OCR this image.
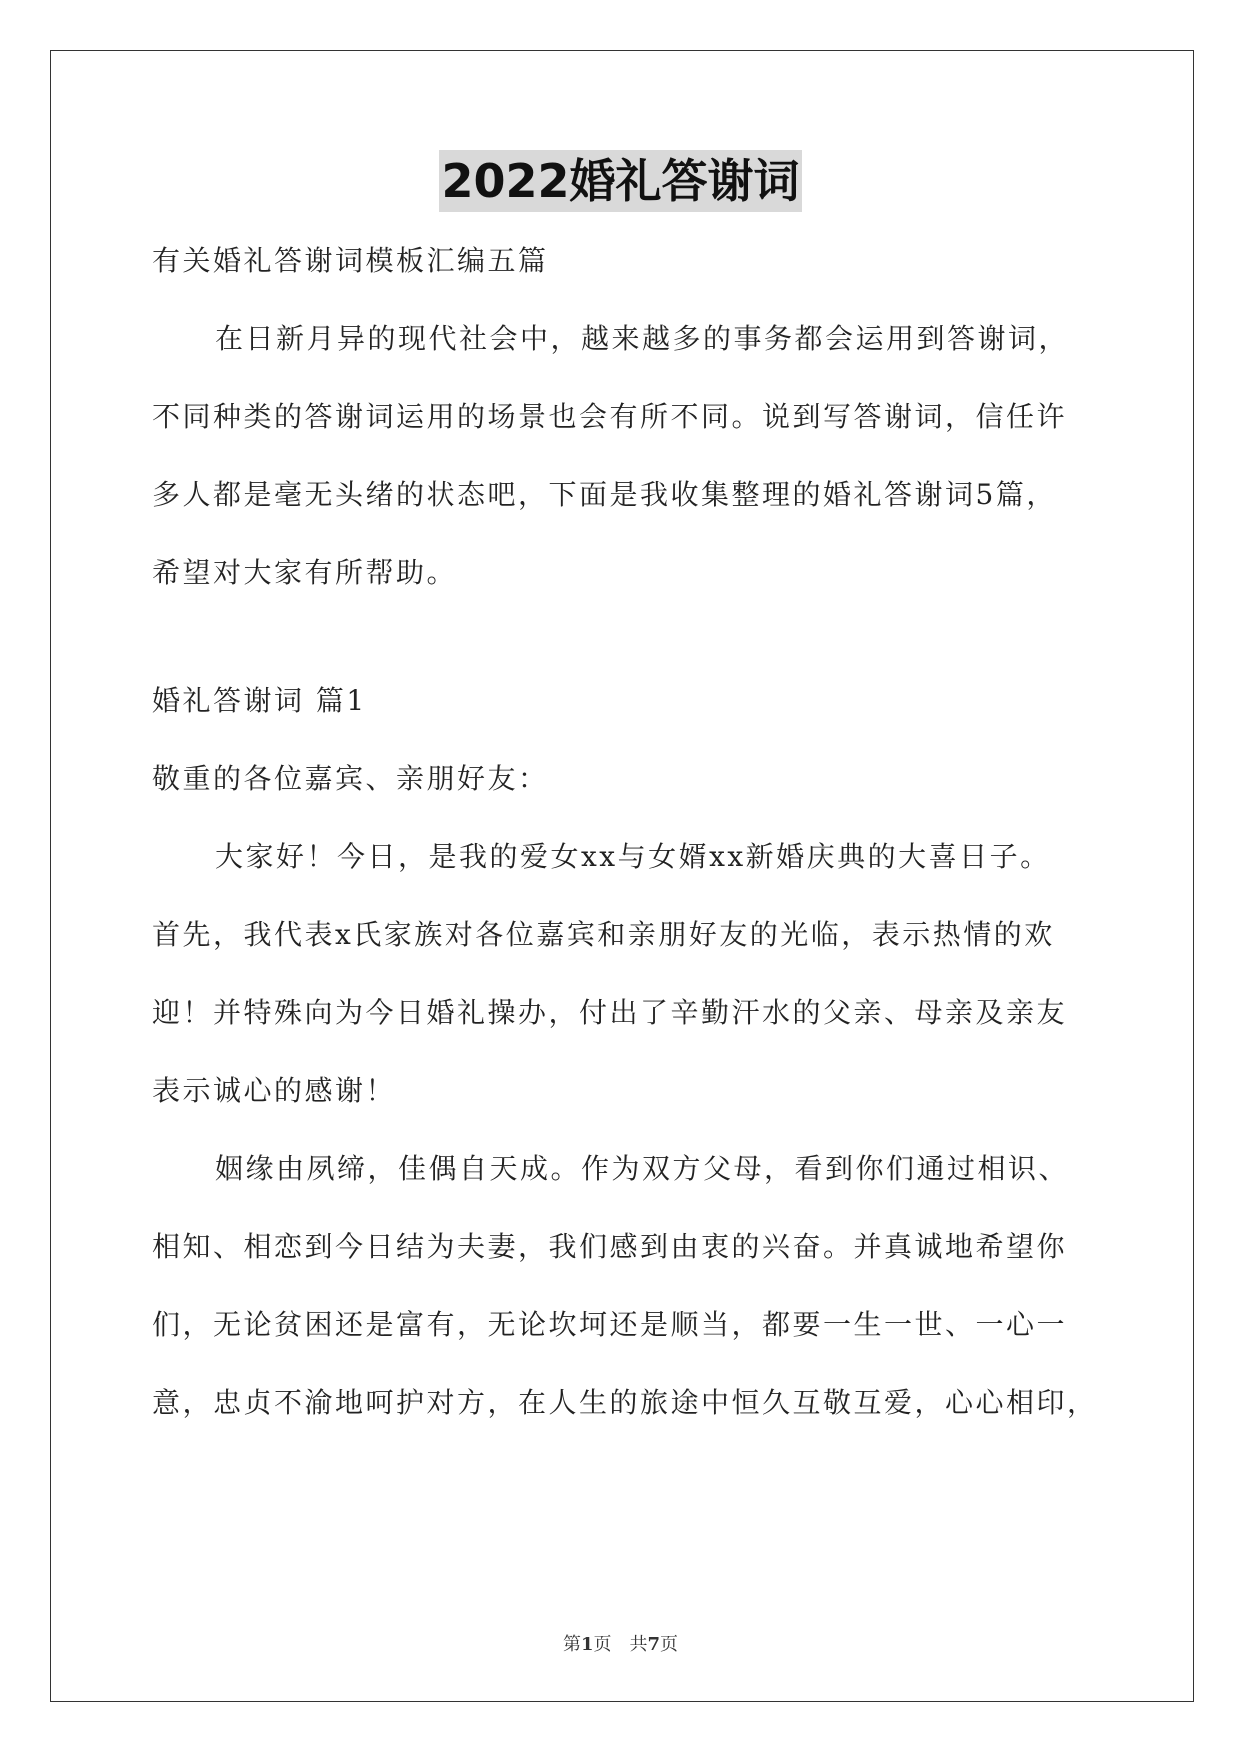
2022婚礼答谢词
有关婚礼答谢词模板汇编五篇
在日新月异的现代社会中，越来越多的事务都会运用到答谢词，
不同种类的答谢词运用的场景也会有所不同。说到写答谢词，信任许
多人都是毫无头绪的状态吧，下面是我收集整理的婚礼答谢词5篇，
希望对大家有所帮助。
婚礼答谢词 篇1
敬重的各位嘉宾、亲朋好友：
大家好！今日，是我的爱女xx与女婿xx新婚庆典的大喜日子。
首先，我代表x氏家族对各位嘉宾和亲朋好友的光临，表示热情的欢
迎！并特殊向为今日婚礼操办，付出了辛勤汗水的父亲、母亲及亲友
表示诚心的感谢！
姻缘由夙缔，佳偶自天成。作为双方父母，看到你们通过相识、
相知、相恋到今日结为夫妻，我们感到由衷的兴奋。并真诚地希望你
们，无论贫困还是富有，无论坎坷还是顺当，都要一生一世、一心一
意，忠贞不渝地呵护对方，在人生的旅途中恒久互敬互爱，心心相印，
第1页　共7页
